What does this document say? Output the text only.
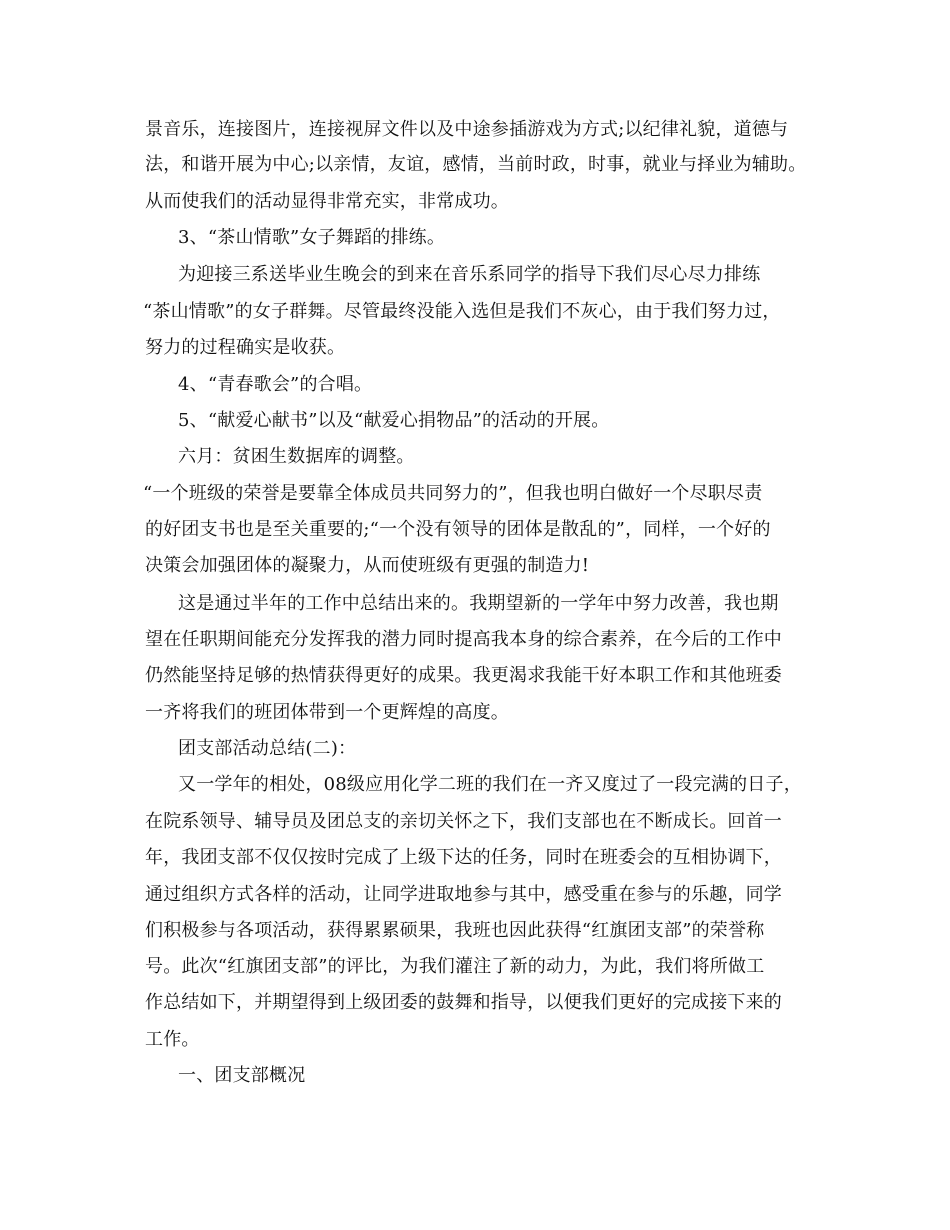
景音乐，连接图片，连接视屏文件以及中途参插游戏为方式;以纪律礼貌，道德与
法，和谐开展为中心;以亲情，友谊，感情，当前时政，时事，就业与择业为辅助。
从而使我们的活动显得非常充实，非常成功。
3、“茶山情歌”女子舞蹈的排练。
为迎接三系送毕业生晚会的到来在音乐系同学的指导下我们尽心尽力排练
“茶山情歌”的女子群舞。尽管最终没能入选但是我们不灰心，由于我们努力过，
努力的过程确实是收获。
4、“青春歌会”的合唱。
5、“献爱心献书”以及“献爱心捐物品”的活动的开展。
六月：贫困生数据库的调整。
“一个班级的荣誉是要靠全体成员共同努力的”，但我也明白做好一个尽职尽责
的好团支书也是至关重要的;“一个没有领导的团体是散乱的”，同样，一个好的
决策会加强团体的凝聚力，从而使班级有更强的制造力!
这是通过半年的工作中总结出来的。我期望新的一学年中努力改善，我也期
望在任职期间能充分发挥我的潜力同时提高我本身的综合素养，在今后的工作中
仍然能坚持足够的热情获得更好的成果。我更渴求我能干好本职工作和其他班委
一齐将我们的班团体带到一个更辉煌的高度。
团支部活动总结(二)：
又一学年的相处，08级应用化学二班的我们在一齐又度过了一段完满的日子，
在院系领导、辅导员及团总支的亲切关怀之下，我们支部也在不断成长。回首一
年，我团支部不仅仅按时完成了上级下达的任务，同时在班委会的互相协调下，
通过组织方式各样的活动，让同学进取地参与其中，感受重在参与的乐趣，同学
们积极参与各项活动，获得累累硕果，我班也因此获得“红旗团支部”的荣誉称
号。此次“红旗团支部”的评比，为我们灌注了新的动力，为此，我们将所做工
作总结如下，并期望得到上级团委的鼓舞和指导，以便我们更好的完成接下来的
工作。
一、团支部概况
